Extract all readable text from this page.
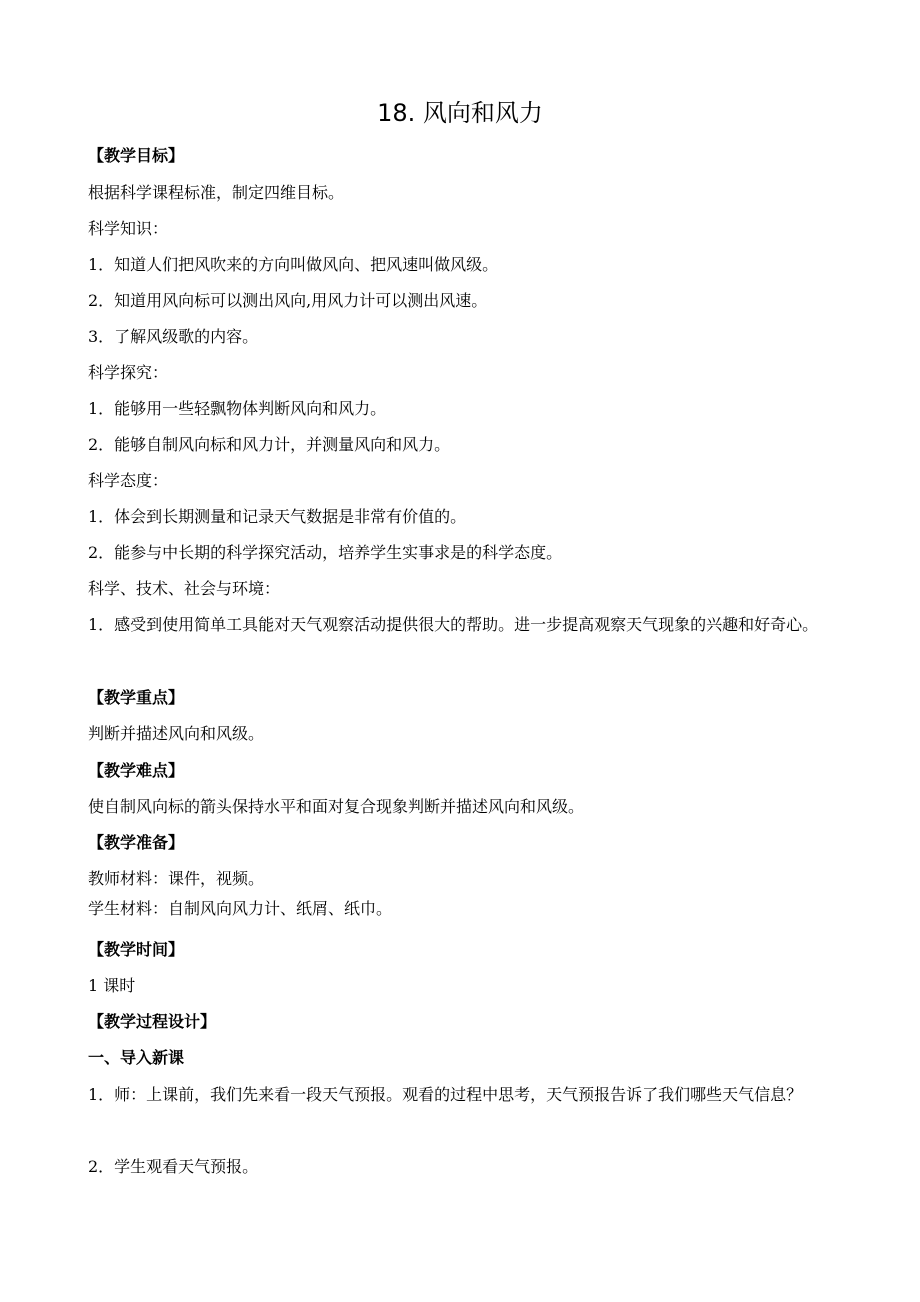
18. 风向和风力
【教学目标】
根据科学课程标准，制定四维目标。
科学知识：
1．知道人们把风吹来的方向叫做风向、把风速叫做风级。
2．知道用风向标可以测出风向,用风力计可以测出风速。
3．了解风级歌的内容。
科学探究：
1．能够用一些轻飘物体判断风向和风力。
2．能够自制风向标和风力计，并测量风向和风力。
科学态度：
1．体会到长期测量和记录天气数据是非常有价值的。
2．能参与中长期的科学探究活动，培养学生实事求是的科学态度。
科学、技术、社会与环境：
1．感受到使用简单工具能对天气观察活动提供很大的帮助。进一步提高观察天气现象的兴趣和好奇心。
【教学重点】
判断并描述风向和风级。
【教学难点】
使自制风向标的箭头保持水平和面对复合现象判断并描述风向和风级。
【教学准备】
教师材料：课件，视频。
学生材料：自制风向风力计、纸屑、纸巾。
【教学时间】
1 课时
【教学过程设计】
一、导入新课
1．师：上课前，我们先来看一段天气预报。观看的过程中思考，天气预报告诉了我们哪些天气信息？
2．学生观看天气预报。
